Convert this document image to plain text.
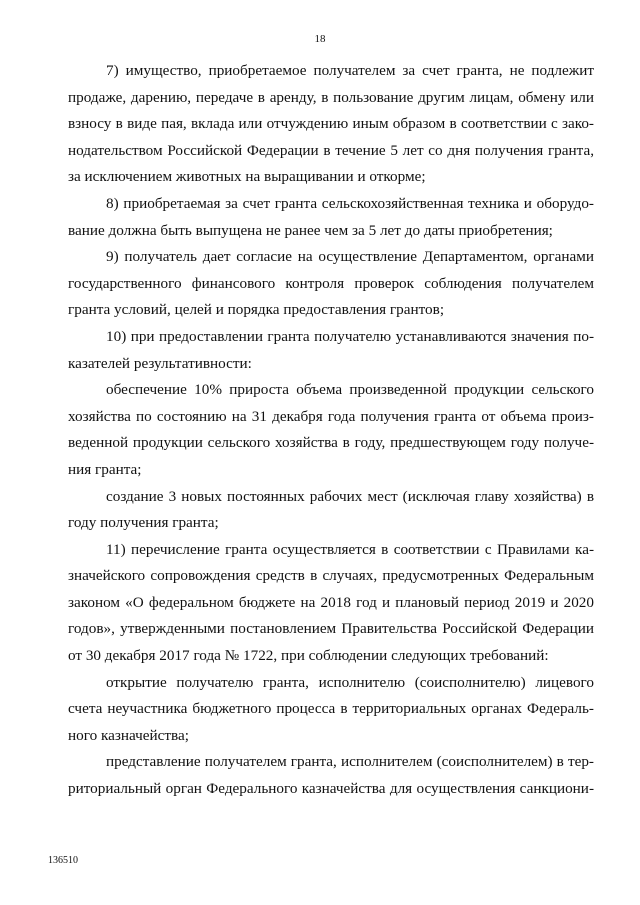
18
7) имущество, приобретаемое получателем за счет гранта, не подлежит
продаже, дарению, передаче в аренду, в пользование другим лицам, обмену или
взносу в виде пая, вклада или отчуждению иным образом в соответствии с зако-
нодательством Российской Федерации в течение 5 лет со дня получения гранта,
за исключением животных на выращивании и откорме;
8) приобретаемая за счет гранта сельскохозяйственная техника и оборудо-
вание должна быть выпущена не ранее чем за 5 лет до даты приобретения;
9) получатель дает согласие на осуществление Департаментом, органами
государственного финансового контроля проверок соблюдения получателем
гранта условий, целей и порядка предоставления грантов;
10) при предоставлении гранта получателю устанавливаются значения по-
казателей результативности:
обеспечение 10% прироста объема произведенной продукции сельского
хозяйства по состоянию на 31 декабря года получения гранта от объема произ-
веденной продукции сельского хозяйства в году, предшествующем году получе-
ния гранта;
создание 3 новых постоянных рабочих мест (исключая главу хозяйства) в
году получения гранта;
11) перечисление гранта осуществляется в соответствии с Правилами ка-
значейского сопровождения средств в случаях, предусмотренных Федеральным
законом «О федеральном бюджете на 2018 год и плановый период 2019 и 2020
годов», утвержденными постановлением Правительства Российской Федерации
от 30 декабря 2017 года № 1722, при соблюдении следующих требований:
открытие получателю гранта, исполнителю (соисполнителю) лицевого
счета неучастника бюджетного процесса в территориальных органах Федераль-
ного казначейства;
представление получателем гранта, исполнителем (соисполнителем) в тер-
риториальный орган Федерального казначейства для осуществления санкциони-
136510
